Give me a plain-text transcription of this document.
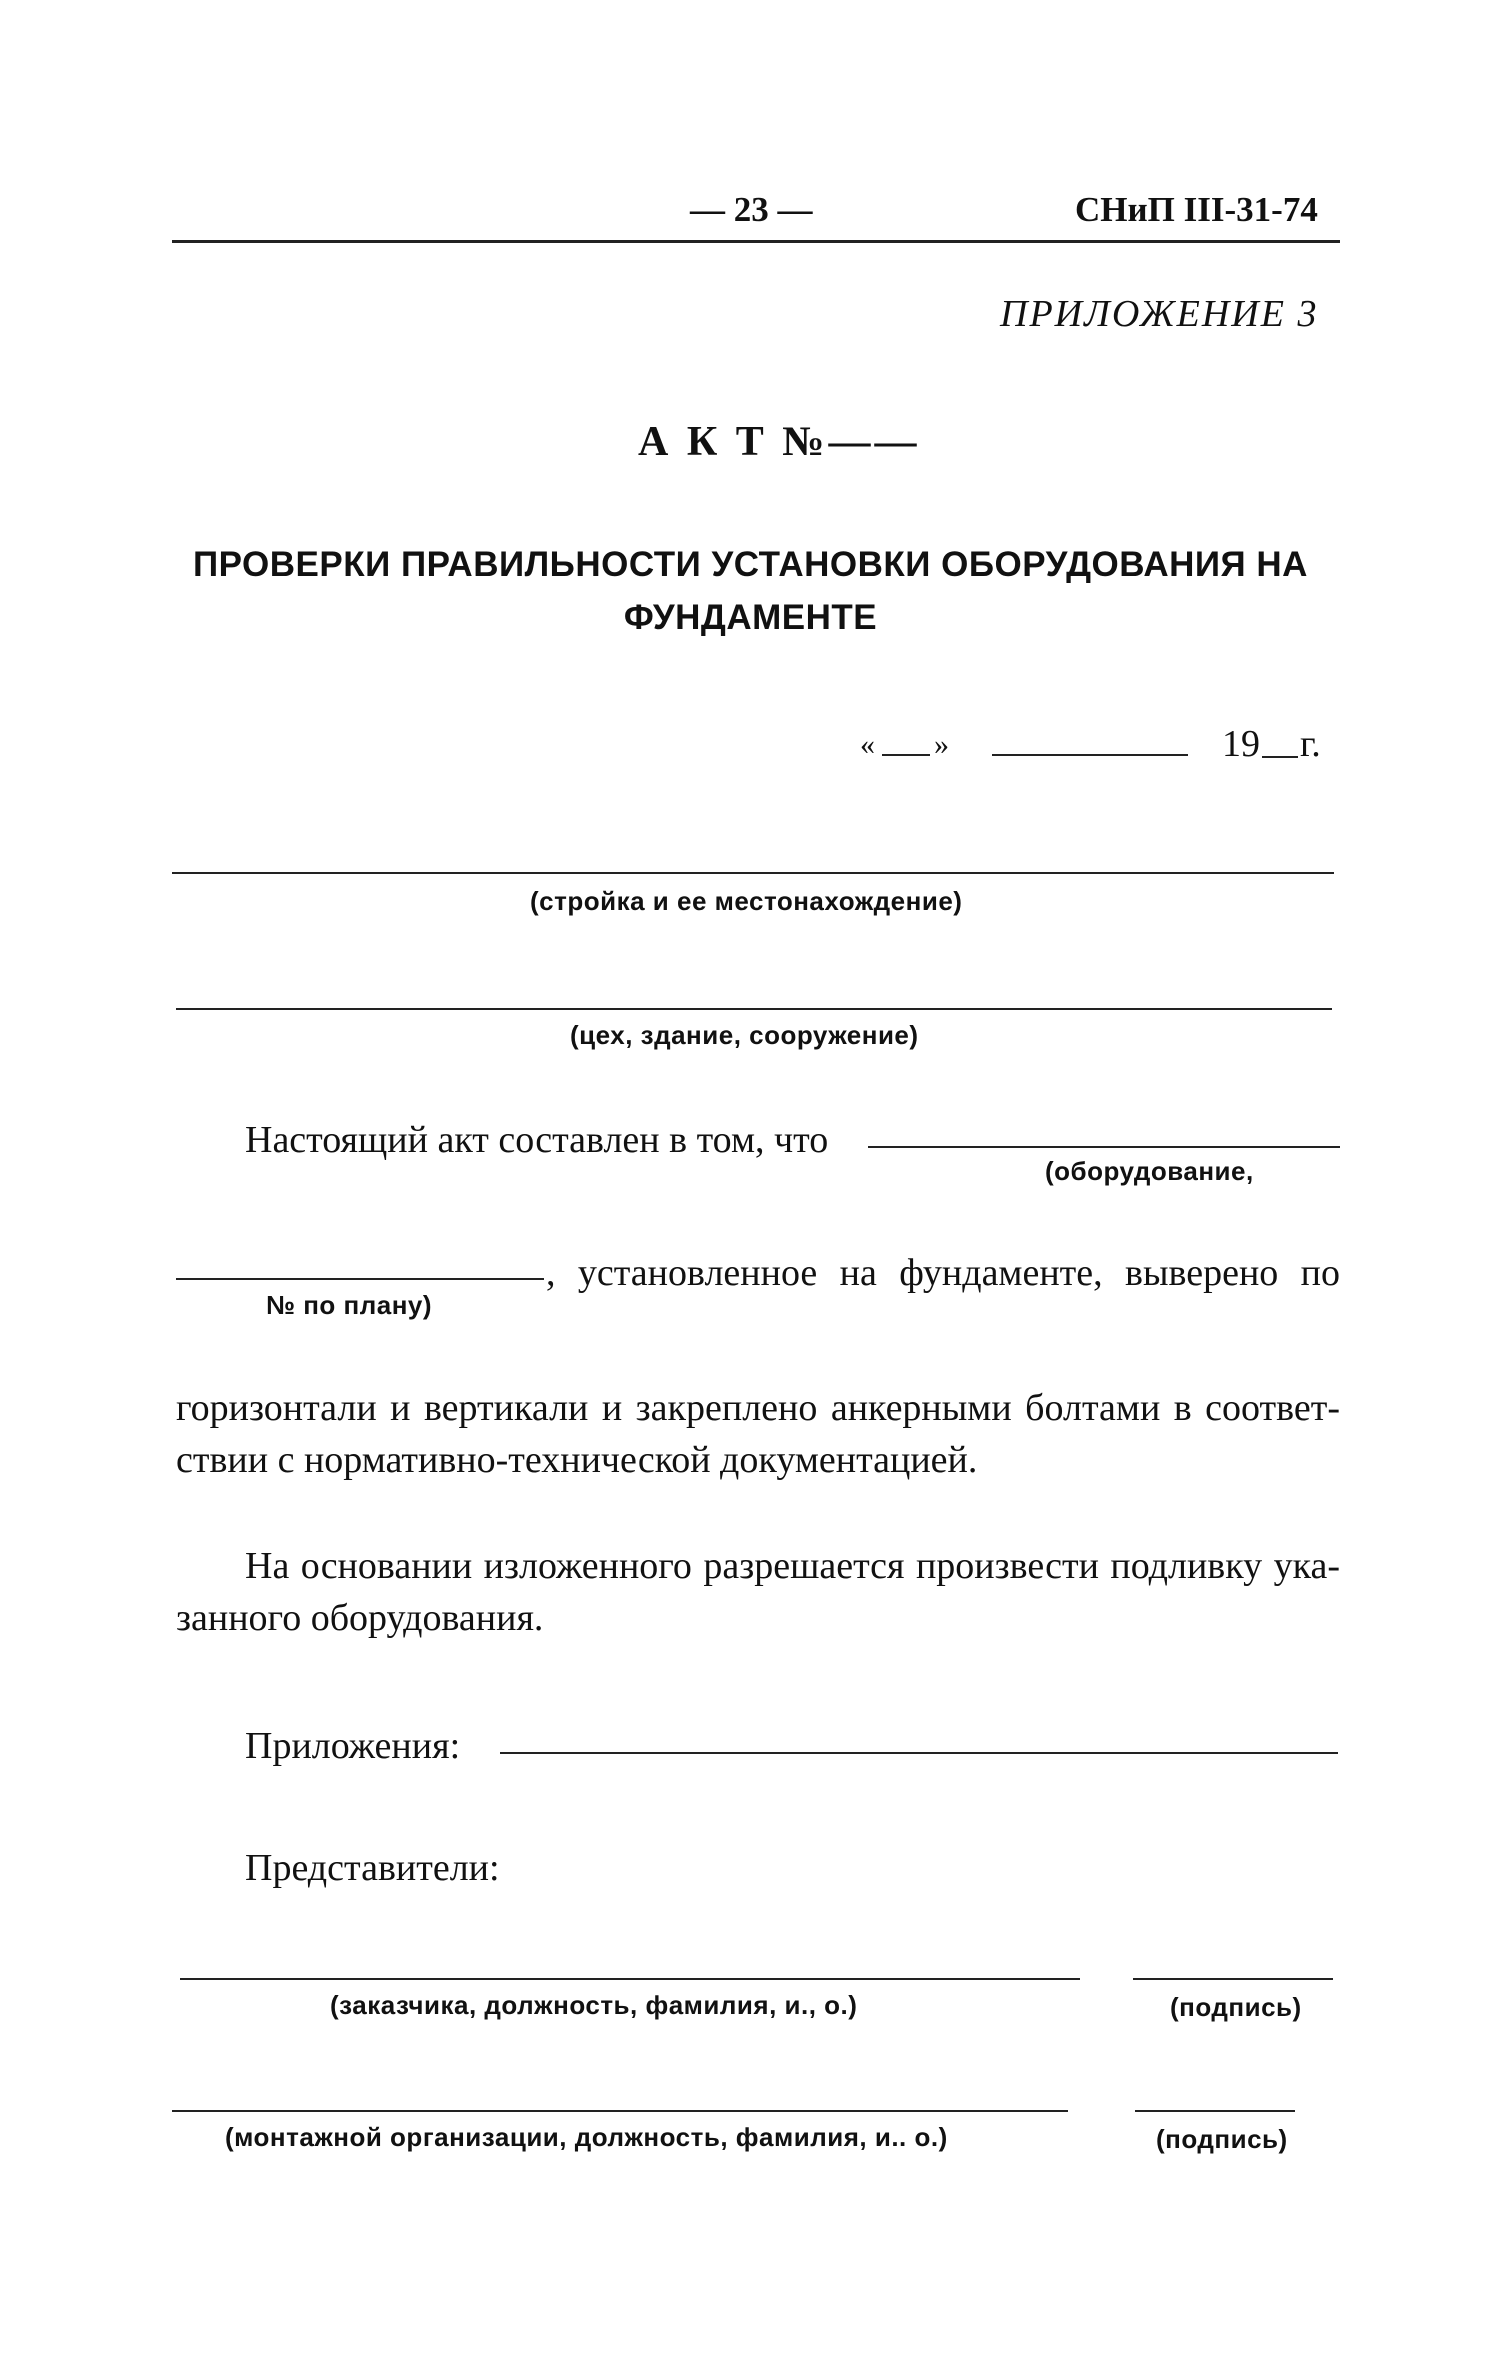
— 23 —	СНиП III-31-74
ПРИЛОЖЕНИЕ 3
А К Т №——
ПРОВЕРКИ ПРАВИЛЬНОСТИ УСТАНОВКИ ОБОРУДОВАНИЯ НА
ФУНДАМЕНТЕ
« »	19 г.
(стройка и ее местонахождение)
(цех, здание, сооружение)
Настоящий акт составлен в том, что
(оборудование,
, установленное на фундаменте, выверено по
№ по плану)
горизонтали и вертикали и закреплено анкерными болтами в соответ-
ствии с нормативно-технической документацией.
На основании изложенного разрешается произвести подливку ука-
занного оборудования.
Приложения:
Представители:
(заказчика, должность, фамилия, и., о.)	(подпись)
(монтажной организации, должность, фамилия, и.. о.)	(подпись)
